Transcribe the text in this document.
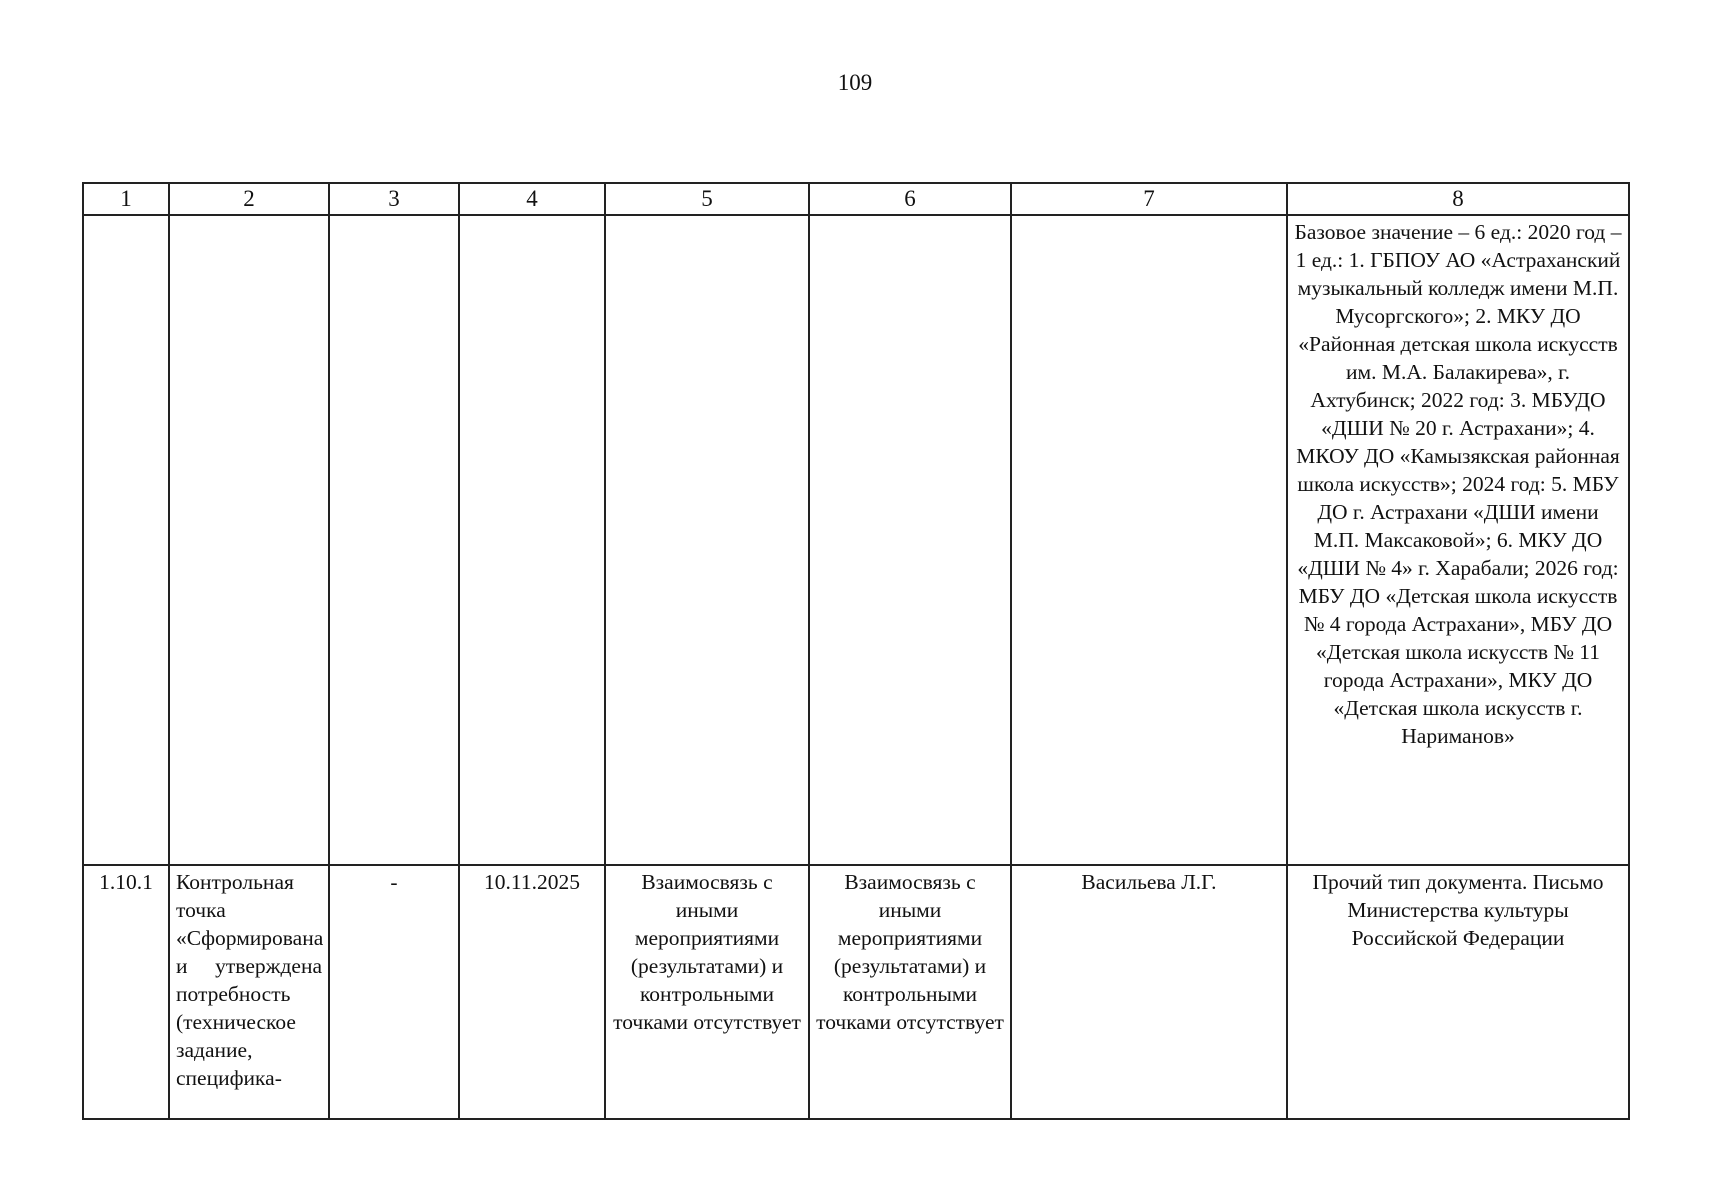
109
1	2	3	4	5	6	7	8
							Базовое значение – 6 ед.: 2020 год – 1 ед.: 1. ГБПОУ АО «Астраханский музыкальный колледж имени М.П. Мусоргского»; 2. МКУ ДО «Районная детская школа искусств им. М.А. Балакирева», г. Ахтубинск; 2022 год: 3. МБУДО «ДШИ № 20 г. Астрахани»; 4. МКОУ ДО «Камызякская районная школа искусств»; 2024 год: 5. МБУ ДО г. Астрахани «ДШИ имени М.П. Максаковой»; 6. МКУ ДО «ДШИ № 4» г. Харабали; 2026 год: МБУ ДО «Детская школа искусств № 4 города Астрахани», МБУ ДО «Детская школа искусств № 11 города Астрахани», МКУ ДО «Детская школа искусств г. Нариманов»
1.10.1	Контрольная точка «Сформирована и утверждена потребность (техническое задание, специфика-	-	10.11.2025	Взаимосвязь с иными мероприятиями (результатами) и контрольными точками отсутствует	Взаимосвязь с иными мероприятиями (результатами) и контрольными точками отсутствует	Васильева Л.Г.	Прочий тип документа. Письмо Министерства культуры Российской Федерации
